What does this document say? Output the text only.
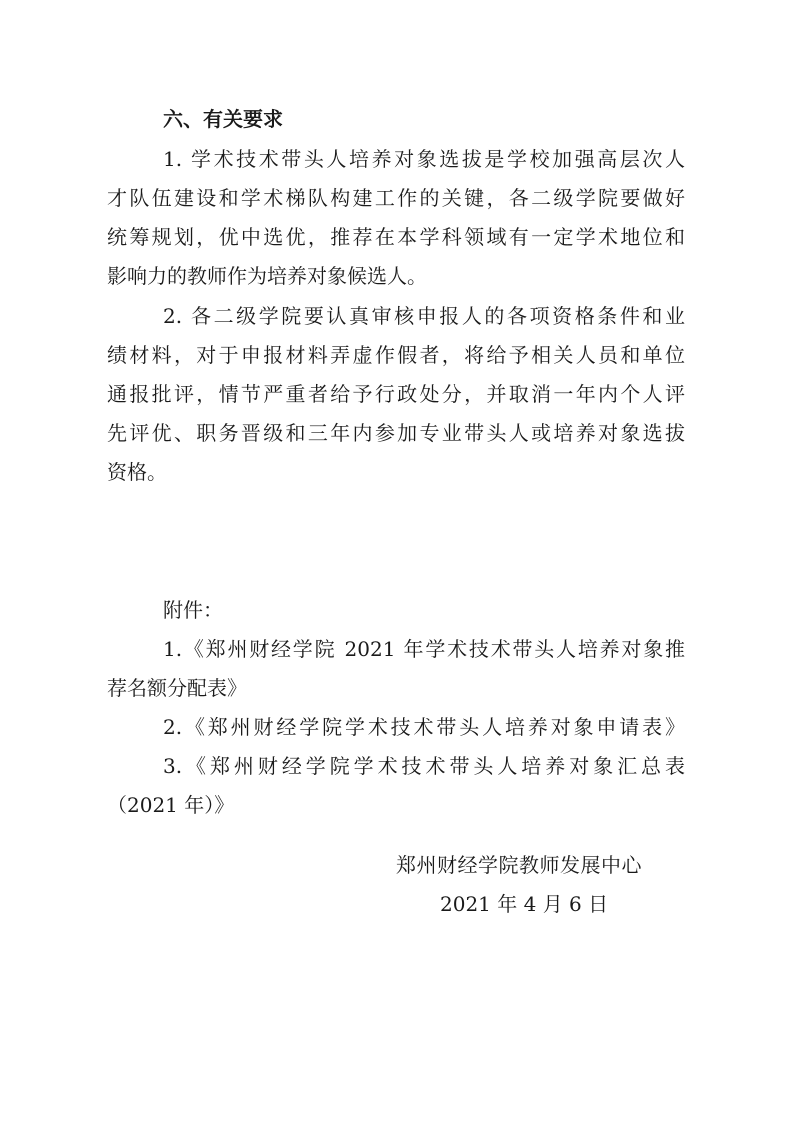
六、有关要求
1. 学术技术带头人培养对象选拔是学校加强高层次人
才队伍建设和学术梯队构建工作的关键，各二级学院要做好
统筹规划，优中选优，推荐在本学科领域有一定学术地位和
影响力的教师作为培养对象候选人。
2. 各二级学院要认真审核申报人的各项资格条件和业
绩材料，对于申报材料弄虚作假者，将给予相关人员和单位
通报批评，情节严重者给予行政处分，并取消一年内个人评
先评优、职务晋级和三年内参加专业带头人或培养对象选拔
资格。
附件：
1.《郑州财经学院 2021 年学术技术带头人培养对象推
荐名额分配表》
2.《郑州财经学院学术技术带头人培养对象申请表》
3.《郑州财经学院学术技术带头人培养对象汇总表
（2021 年）》
郑州财经学院教师发展中心
2021 年 4 月 6 日
